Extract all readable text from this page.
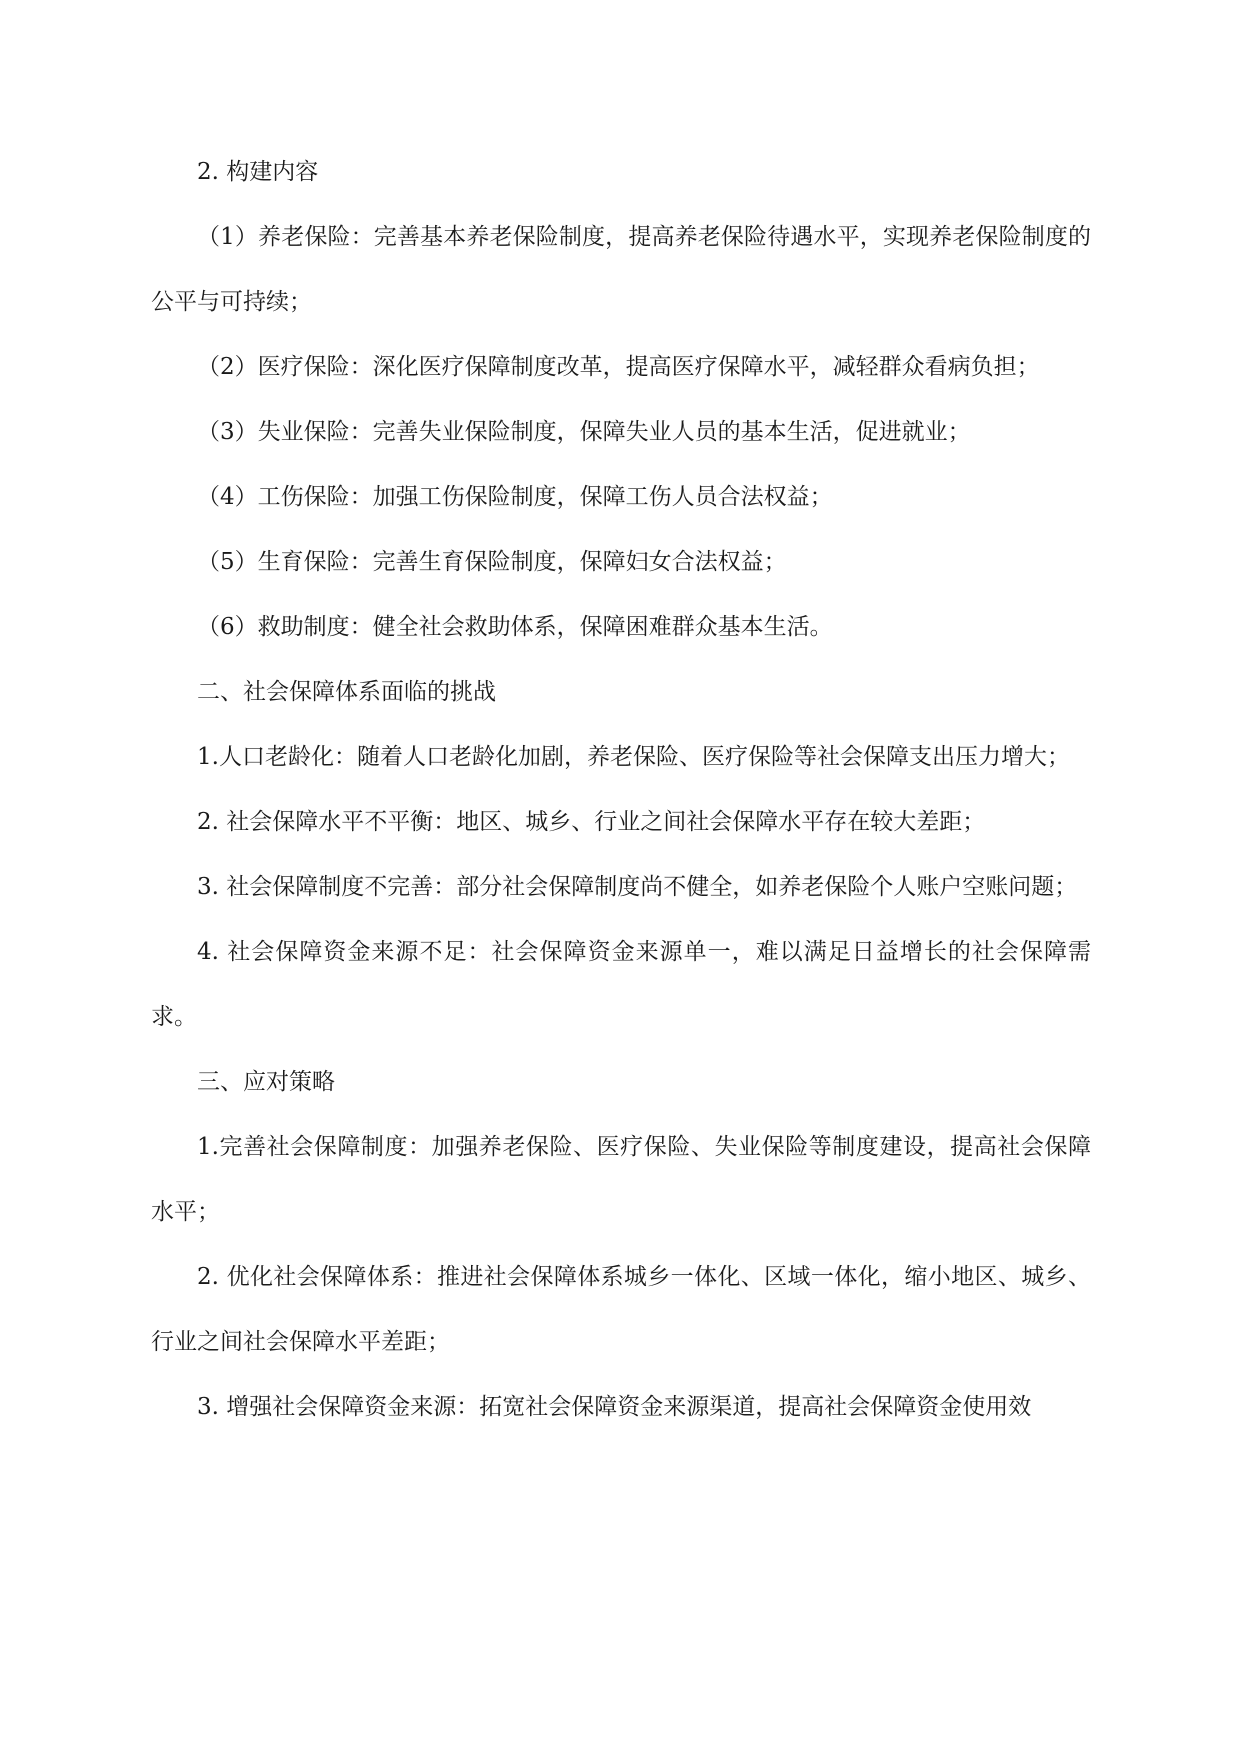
2. 构建内容

（1）养老保险：完善基本养老保险制度，提高养老保险待遇水平，实现养老保险制度的公平与可持续；

（2）医疗保险：深化医疗保障制度改革，提高医疗保障水平，减轻群众看病负担；

（3）失业保险：完善失业保险制度，保障失业人员的基本生活，促进就业；

（4）工伤保险：加强工伤保险制度，保障工伤人员合法权益；

（5）生育保险：完善生育保险制度，保障妇女合法权益；

（6）救助制度：健全社会救助体系，保障困难群众基本生活。

二、社会保障体系面临的挑战

1.人口老龄化：随着人口老龄化加剧，养老保险、医疗保险等社会保障支出压力增大；

2. 社会保障水平不平衡：地区、城乡、行业之间社会保障水平存在较大差距；

3. 社会保障制度不完善：部分社会保障制度尚不健全，如养老保险个人账户空账问题；

4. 社会保障资金来源不足：社会保障资金来源单一，难以满足日益增长的社会保障需求。

三、应对策略

1.完善社会保障制度：加强养老保险、医疗保险、失业保险等制度建设，提高社会保障水平；

2. 优化社会保障体系：推进社会保障体系城乡一体化、区域一体化，缩小地区、城乡、行业之间社会保障水平差距；

3. 增强社会保障资金来源：拓宽社会保障资金来源渠道，提高社会保障资金使用效
